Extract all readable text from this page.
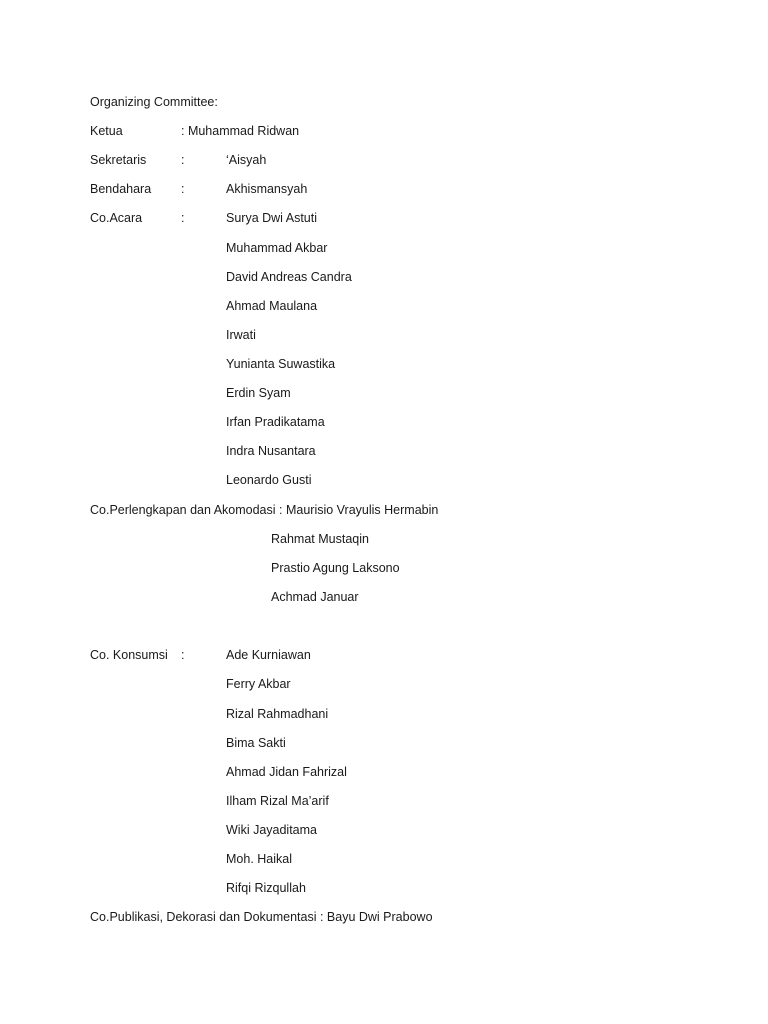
Organizing Committee:
Ketua	: Muhammad Ridwan
Sekretaris	:	‘Aisyah
Bendahara :	Akhismansyah
Co.Acara	:	Surya Dwi Astuti
Muhammad Akbar
David Andreas Candra
Ahmad Maulana
Irwati
Yunianta Suwastika
Erdin Syam
Irfan Pradikatama
Indra Nusantara
Leonardo Gusti
Co.Perlengkapan dan Akomodasi : Maurisio Vrayulis Hermabin
Rahmat Mustaqin
Prastio Agung Laksono
Achmad Januar
Co. Konsumsi :	Ade Kurniawan
Ferry Akbar
Rizal Rahmadhani
Bima Sakti
Ahmad Jidan Fahrizal
Ilham Rizal Ma’arif
Wiki Jayaditama
Moh. Haikal
Rifqi Rizqullah
Co.Publikasi, Dekorasi dan Dokumentasi : Bayu Dwi Prabowo
